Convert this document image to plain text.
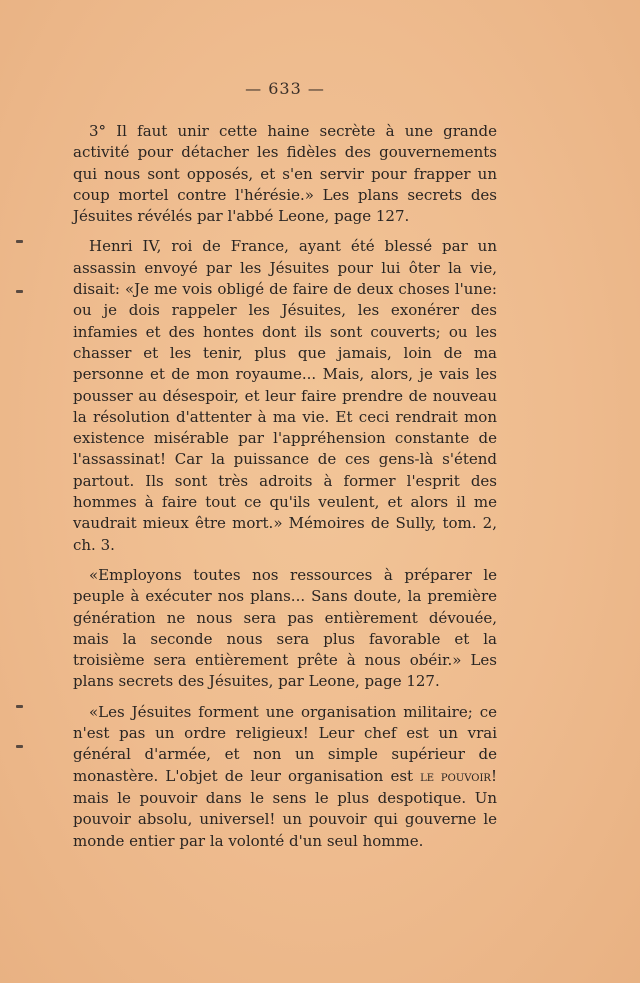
— 633 —

3° Il faut unir cette haine secrète à une grande activité pour détacher les fidèles des gouvernements qui nous sont opposés, et s'en servir pour frapper un coup mortel contre l'hérésie.» Les plans secrets des Jésuites révélés par l'abbé Leone, page 127.

Henri IV, roi de France, ayant été blessé par un assassin envoyé par les Jésuites pour lui ôter la vie, disait: «Je me vois obligé de faire de deux choses l'une: ou je dois rappeler les Jésuites, les exonérer des infamies et des hontes dont ils sont couverts; ou les chasser et les tenir, plus que jamais, loin de ma personne et de mon royaume... Mais, alors, je vais les pousser au désespoir, et leur faire prendre de nouveau la résolution d'attenter à ma vie. Et ceci rendrait mon existence misérable par l'appréhension constante de l'assassinat! Car la puissance de ces gens-là s'étend partout. Ils sont très adroits à former l'esprit des hommes à faire tout ce qu'ils veulent, et alors il me vaudrait mieux être mort.» Mémoires de Sully, tom. 2, ch. 3.

«Employons toutes nos ressources à préparer le peuple à exécuter nos plans... Sans doute, la première génération ne nous sera pas entièrement dévouée, mais la seconde nous sera plus favorable et la troisième sera entièrement prête à nous obéir.» Les plans secrets des Jésuites, par Leone, page 127.

«Les Jésuites forment une organisation militaire; ce n'est pas un ordre religieux! Leur chef est un vrai général d'armée, et non un simple supérieur de monastère. L'objet de leur organisation est le pouvoir! mais le pouvoir dans le sens le plus despotique. Un pouvoir absolu, universel! un pouvoir qui gouverne le monde entier par la volonté d'un seul homme.
